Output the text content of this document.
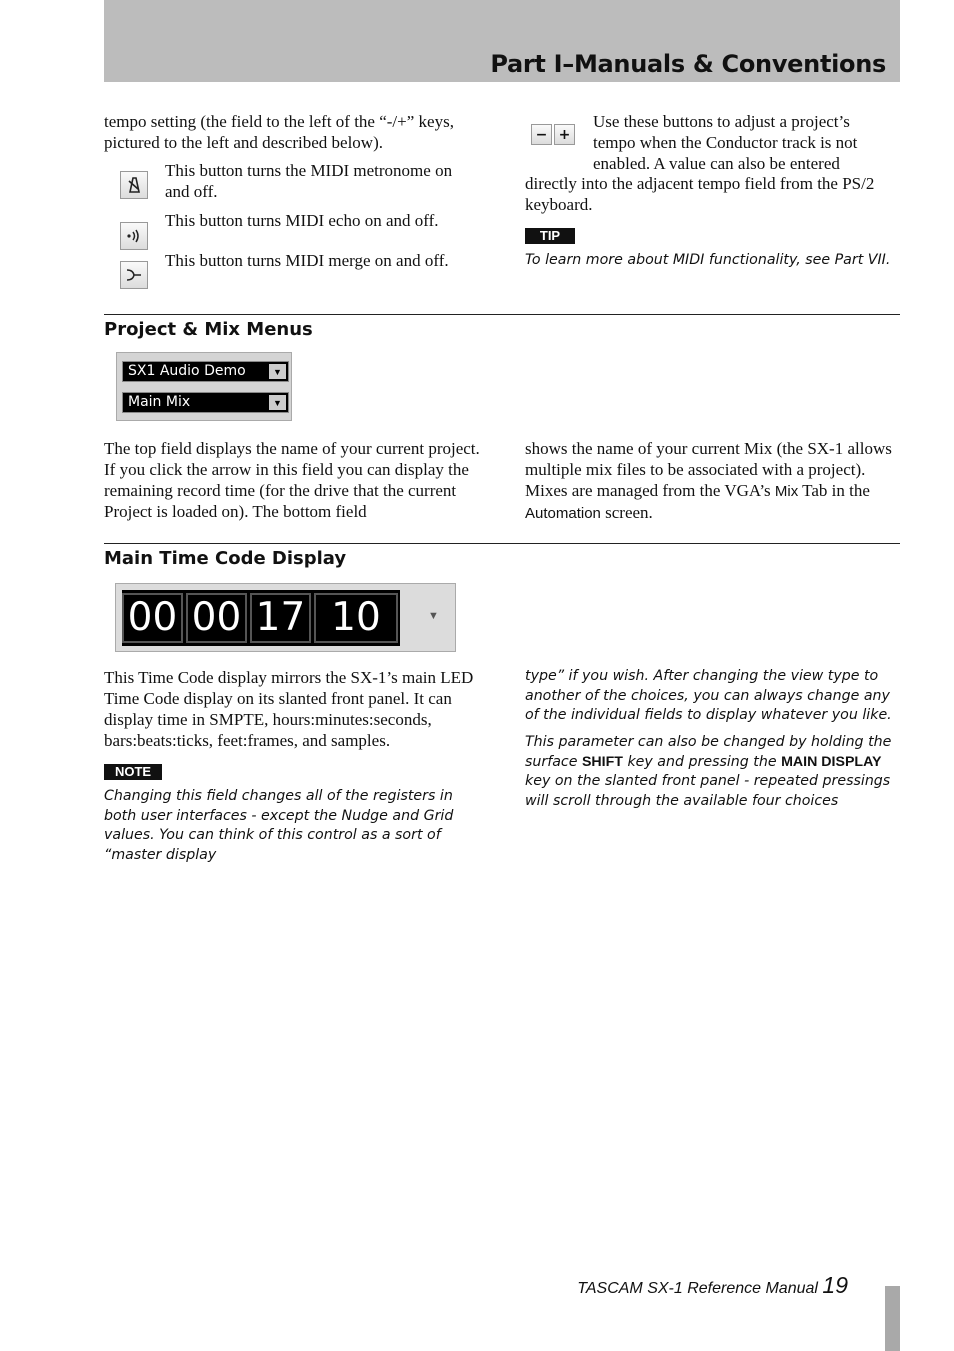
Part I–Manuals & Conventions
tempo setting (the field to the left of the “-/+” keys, pictured to the left and described below).
This button turns the MIDI metronome on and off.
This button turns MIDI echo on and off.
This button turns MIDI merge on and off.
− +
Use these buttons to adjust a project’s tempo when the Conductor track is not enabled. A value can also be entered
directly into the adjacent tempo field from the PS/2 keyboard.
TIP
To learn more about MIDI functionality, see Part VII.
Project & Mix Menus
SX1 Audio Demo	▼
Main Mix	▼
The top field displays the name of your current project. If you click the arrow in this field you can display the remaining record time (for the drive that the current Project is loaded on). The bottom field
shows the name of your current Mix (the SX-1 allows multiple mix files to be associated with a project). Mixes are managed from the VGA’s Mix Tab in the Automation screen.
Main Time Code Display
00 00 17 10	▼
This Time Code display mirrors the SX-1’s main LED Time Code display on its slanted front panel. It can display time in SMPTE, hours:minutes:seconds, bars:beats:ticks, feet:frames, and samples.
NOTE
Changing this field changes all of the registers in both user interfaces - except the Nudge and Grid values. You can think of this control as a sort of “master display
type” if you wish. After changing the view type to another of the choices, you can always change any of the individual fields to display whatever you like.
This parameter can also be changed by holding the surface SHIFT key and pressing the MAIN DISPLAY key on the slanted front panel - repeated pressings will scroll through the available four choices
TASCAM SX-1 Reference Manual 19
